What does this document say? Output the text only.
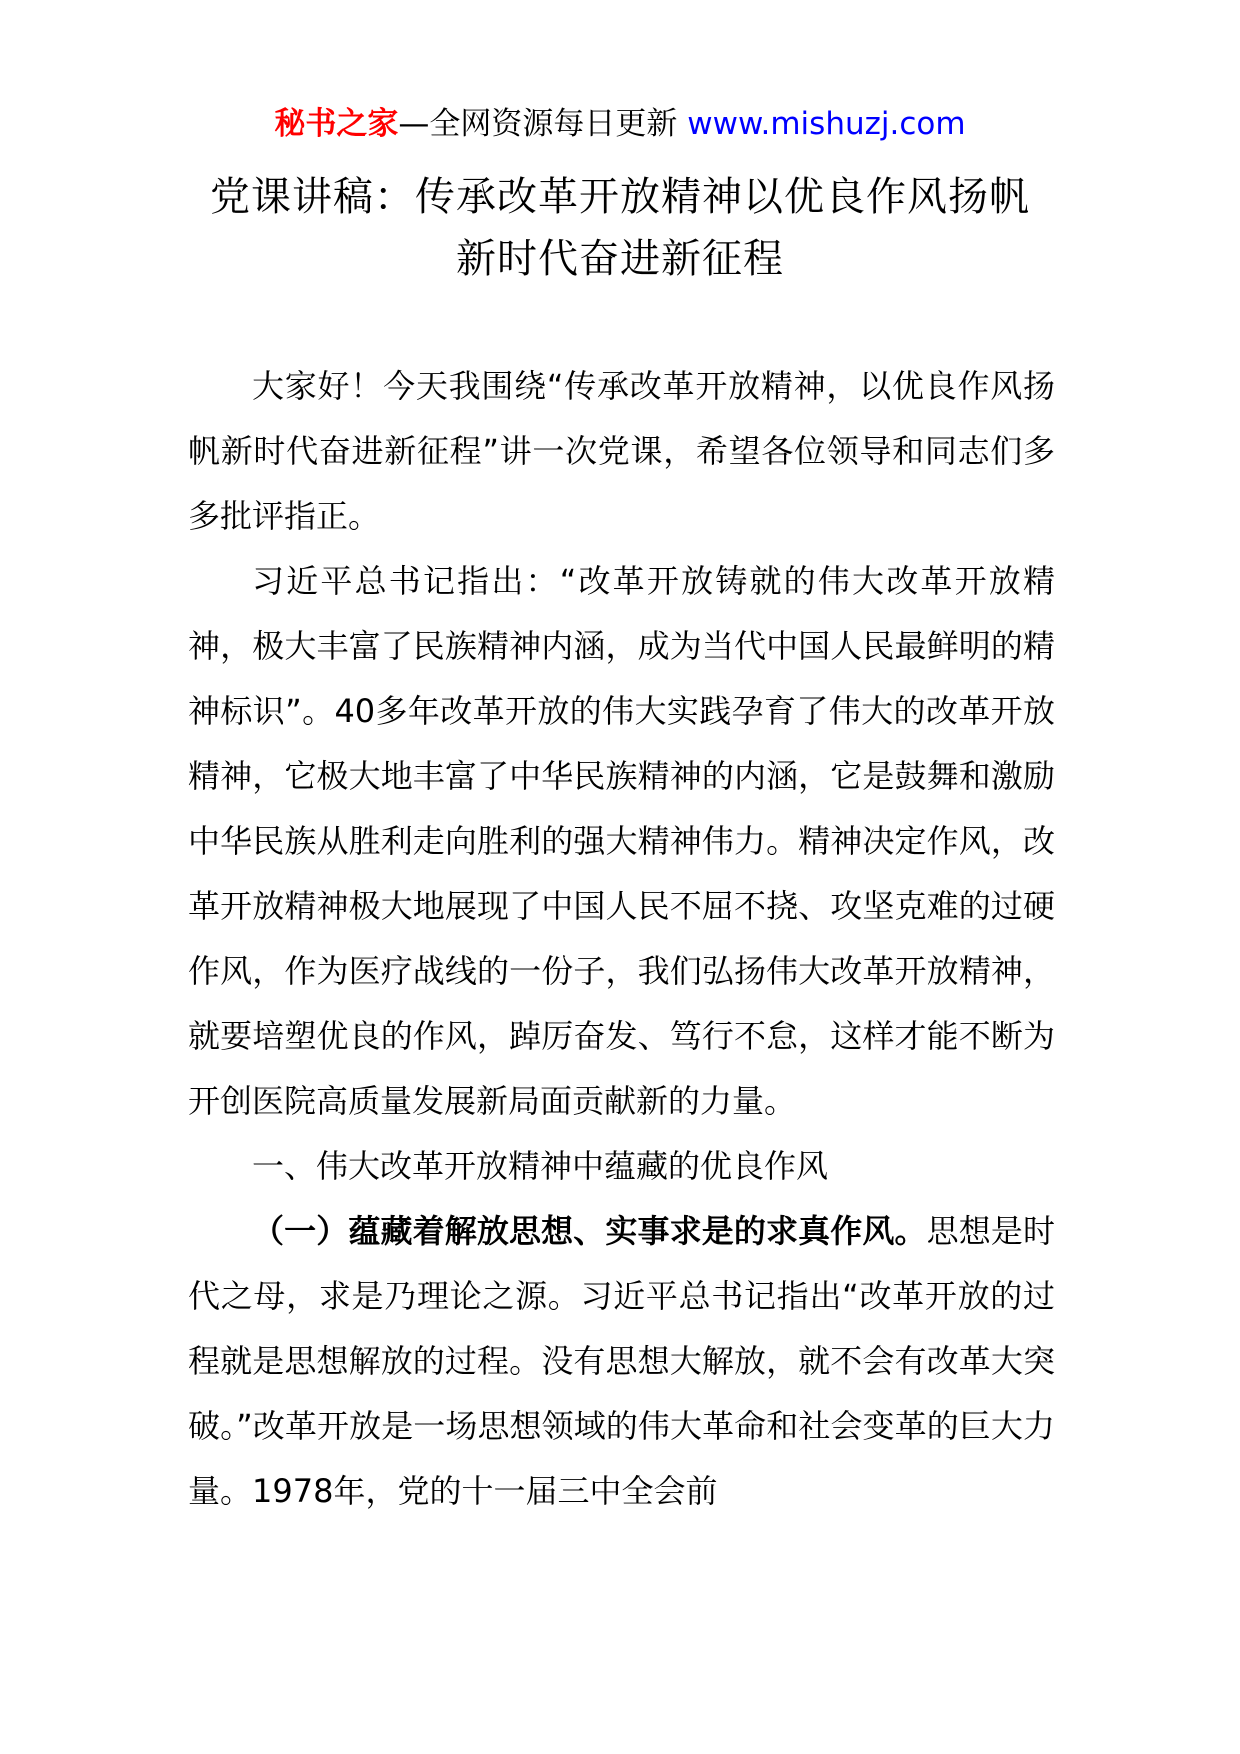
秘书之家—全网资源每日更新 www.mishuzj.com
党课讲稿：传承改革开放精神以优良作风扬帆
新时代奋进新征程

大家好！今天我围绕“传承改革开放精神，以优良作风扬帆新时代奋进新征程”讲一次党课，希望各位领导和同志们多多批评指正。

习近平总书记指出：“改革开放铸就的伟大改革开放精神，极大丰富了民族精神内涵，成为当代中国人民最鲜明的精神标识”。40多年改革开放的伟大实践孕育了伟大的改革开放精神，它极大地丰富了中华民族精神的内涵，它是鼓舞和激励中华民族从胜利走向胜利的强大精神伟力。精神决定作风，改革开放精神极大地展现了中国人民不屈不挠、攻坚克难的过硬作风，作为医疗战线的一份子，我们弘扬伟大改革开放精神，就要培塑优良的作风，踔厉奋发、笃行不怠，这样才能不断为开创医院高质量发展新局面贡献新的力量。

一、伟大改革开放精神中蕴藏的优良作风

（一）蕴藏着解放思想、实事求是的求真作风。思想是时代之母，求是乃理论之源。习近平总书记指出“改革开放的过程就是思想解放的过程。没有思想大解放，就不会有改革大突破。”改革开放是一场思想领域的伟大革命和社会变革的巨大力量。1978年，党的十一届三中全会前
